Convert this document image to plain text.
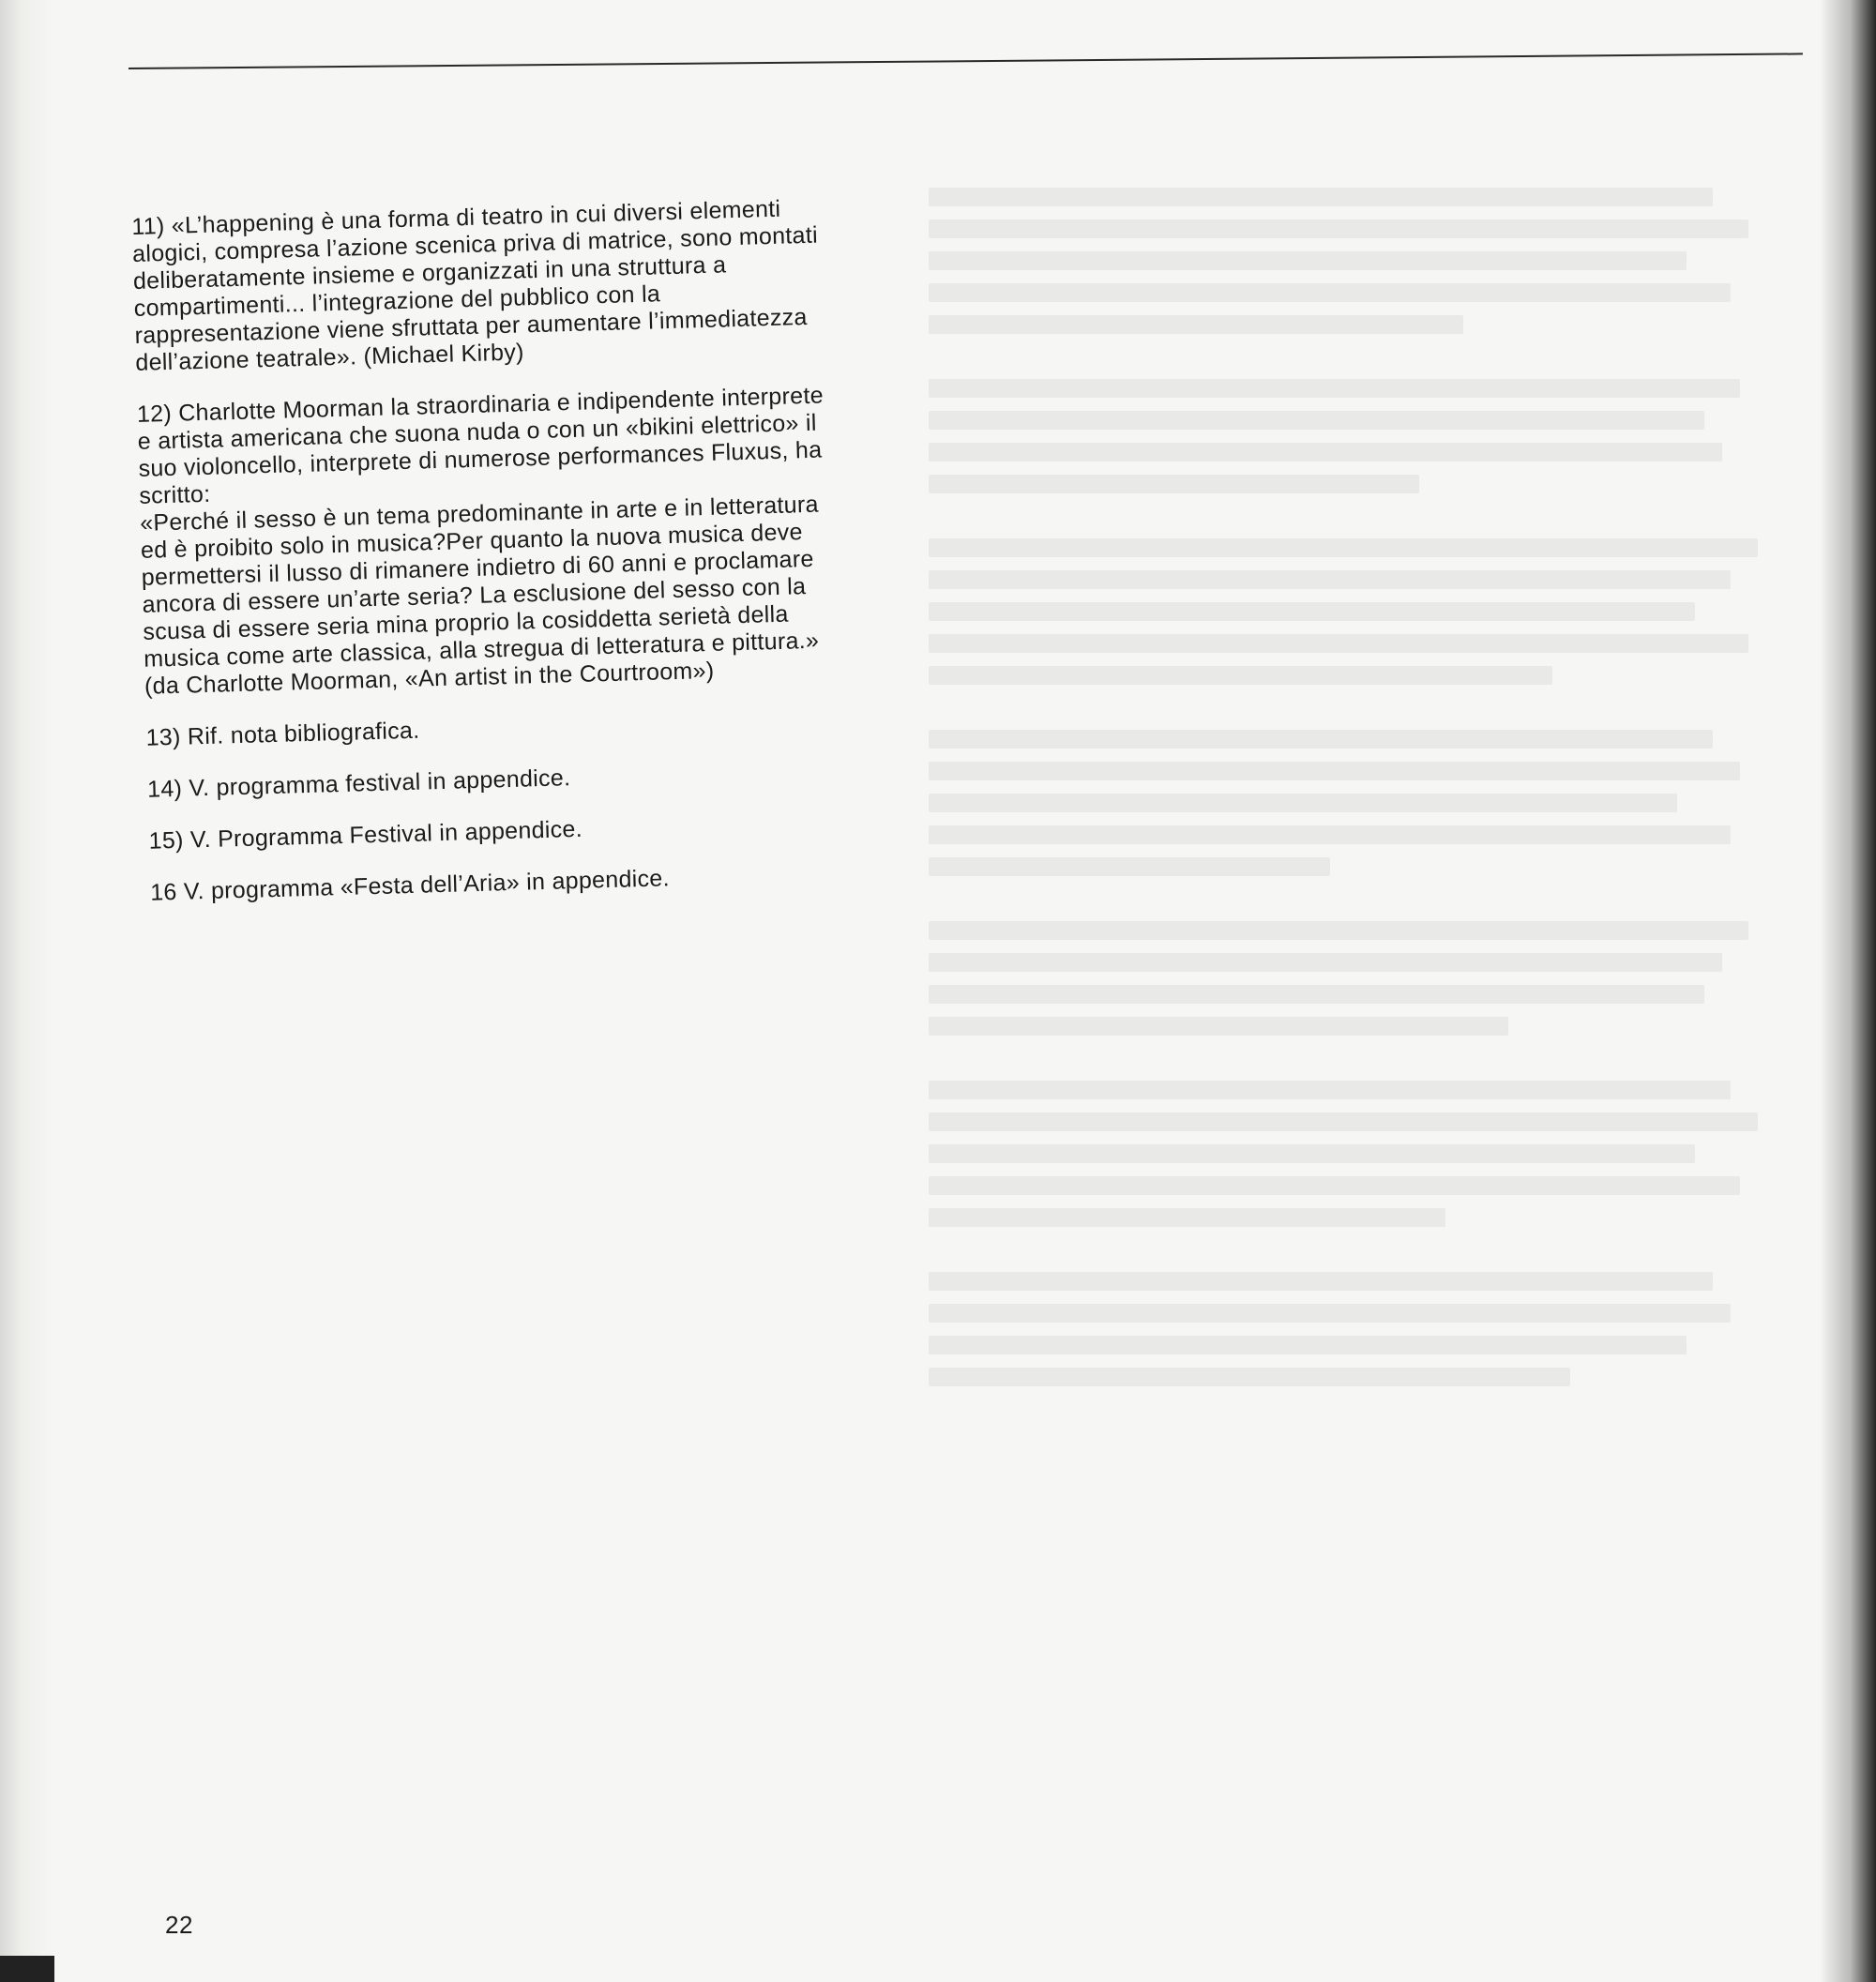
11) «L’happening è una forma di teatro in cui diversi elementi
alogici, compresa l’azione scenica priva di matrice, sono montati
deliberatamente insieme e organizzati in una struttura a
compartimenti... l’integrazione del pubblico con la
rappresentazione viene sfruttata per aumentare l’immediatezza
dell’azione teatrale». (Michael Kirby)

12) Charlotte Moorman la straordinaria e indipendente interprete
e artista americana che suona nuda o con un «bikini elettrico» il
suo violoncello, interprete di numerose performances Fluxus, ha
scritto:
«Perché il sesso è un tema predominante in arte e in letteratura
ed è proibito solo in musica?Per quanto la nuova musica deve
permettersi il lusso di rimanere indietro di 60 anni e proclamare
ancora di essere un’arte seria? La esclusione del sesso con la
scusa di essere seria mina proprio la cosiddetta serietà della
musica come arte classica, alla stregua di letteratura e pittura.»
(da Charlotte Moorman, «An artist in the Courtroom»)

13) Rif. nota bibliografica.

14) V. programma festival in appendice.

15) V. Programma Festival in appendice.

16 V. programma «Festa dell’Aria» in appendice.

22
